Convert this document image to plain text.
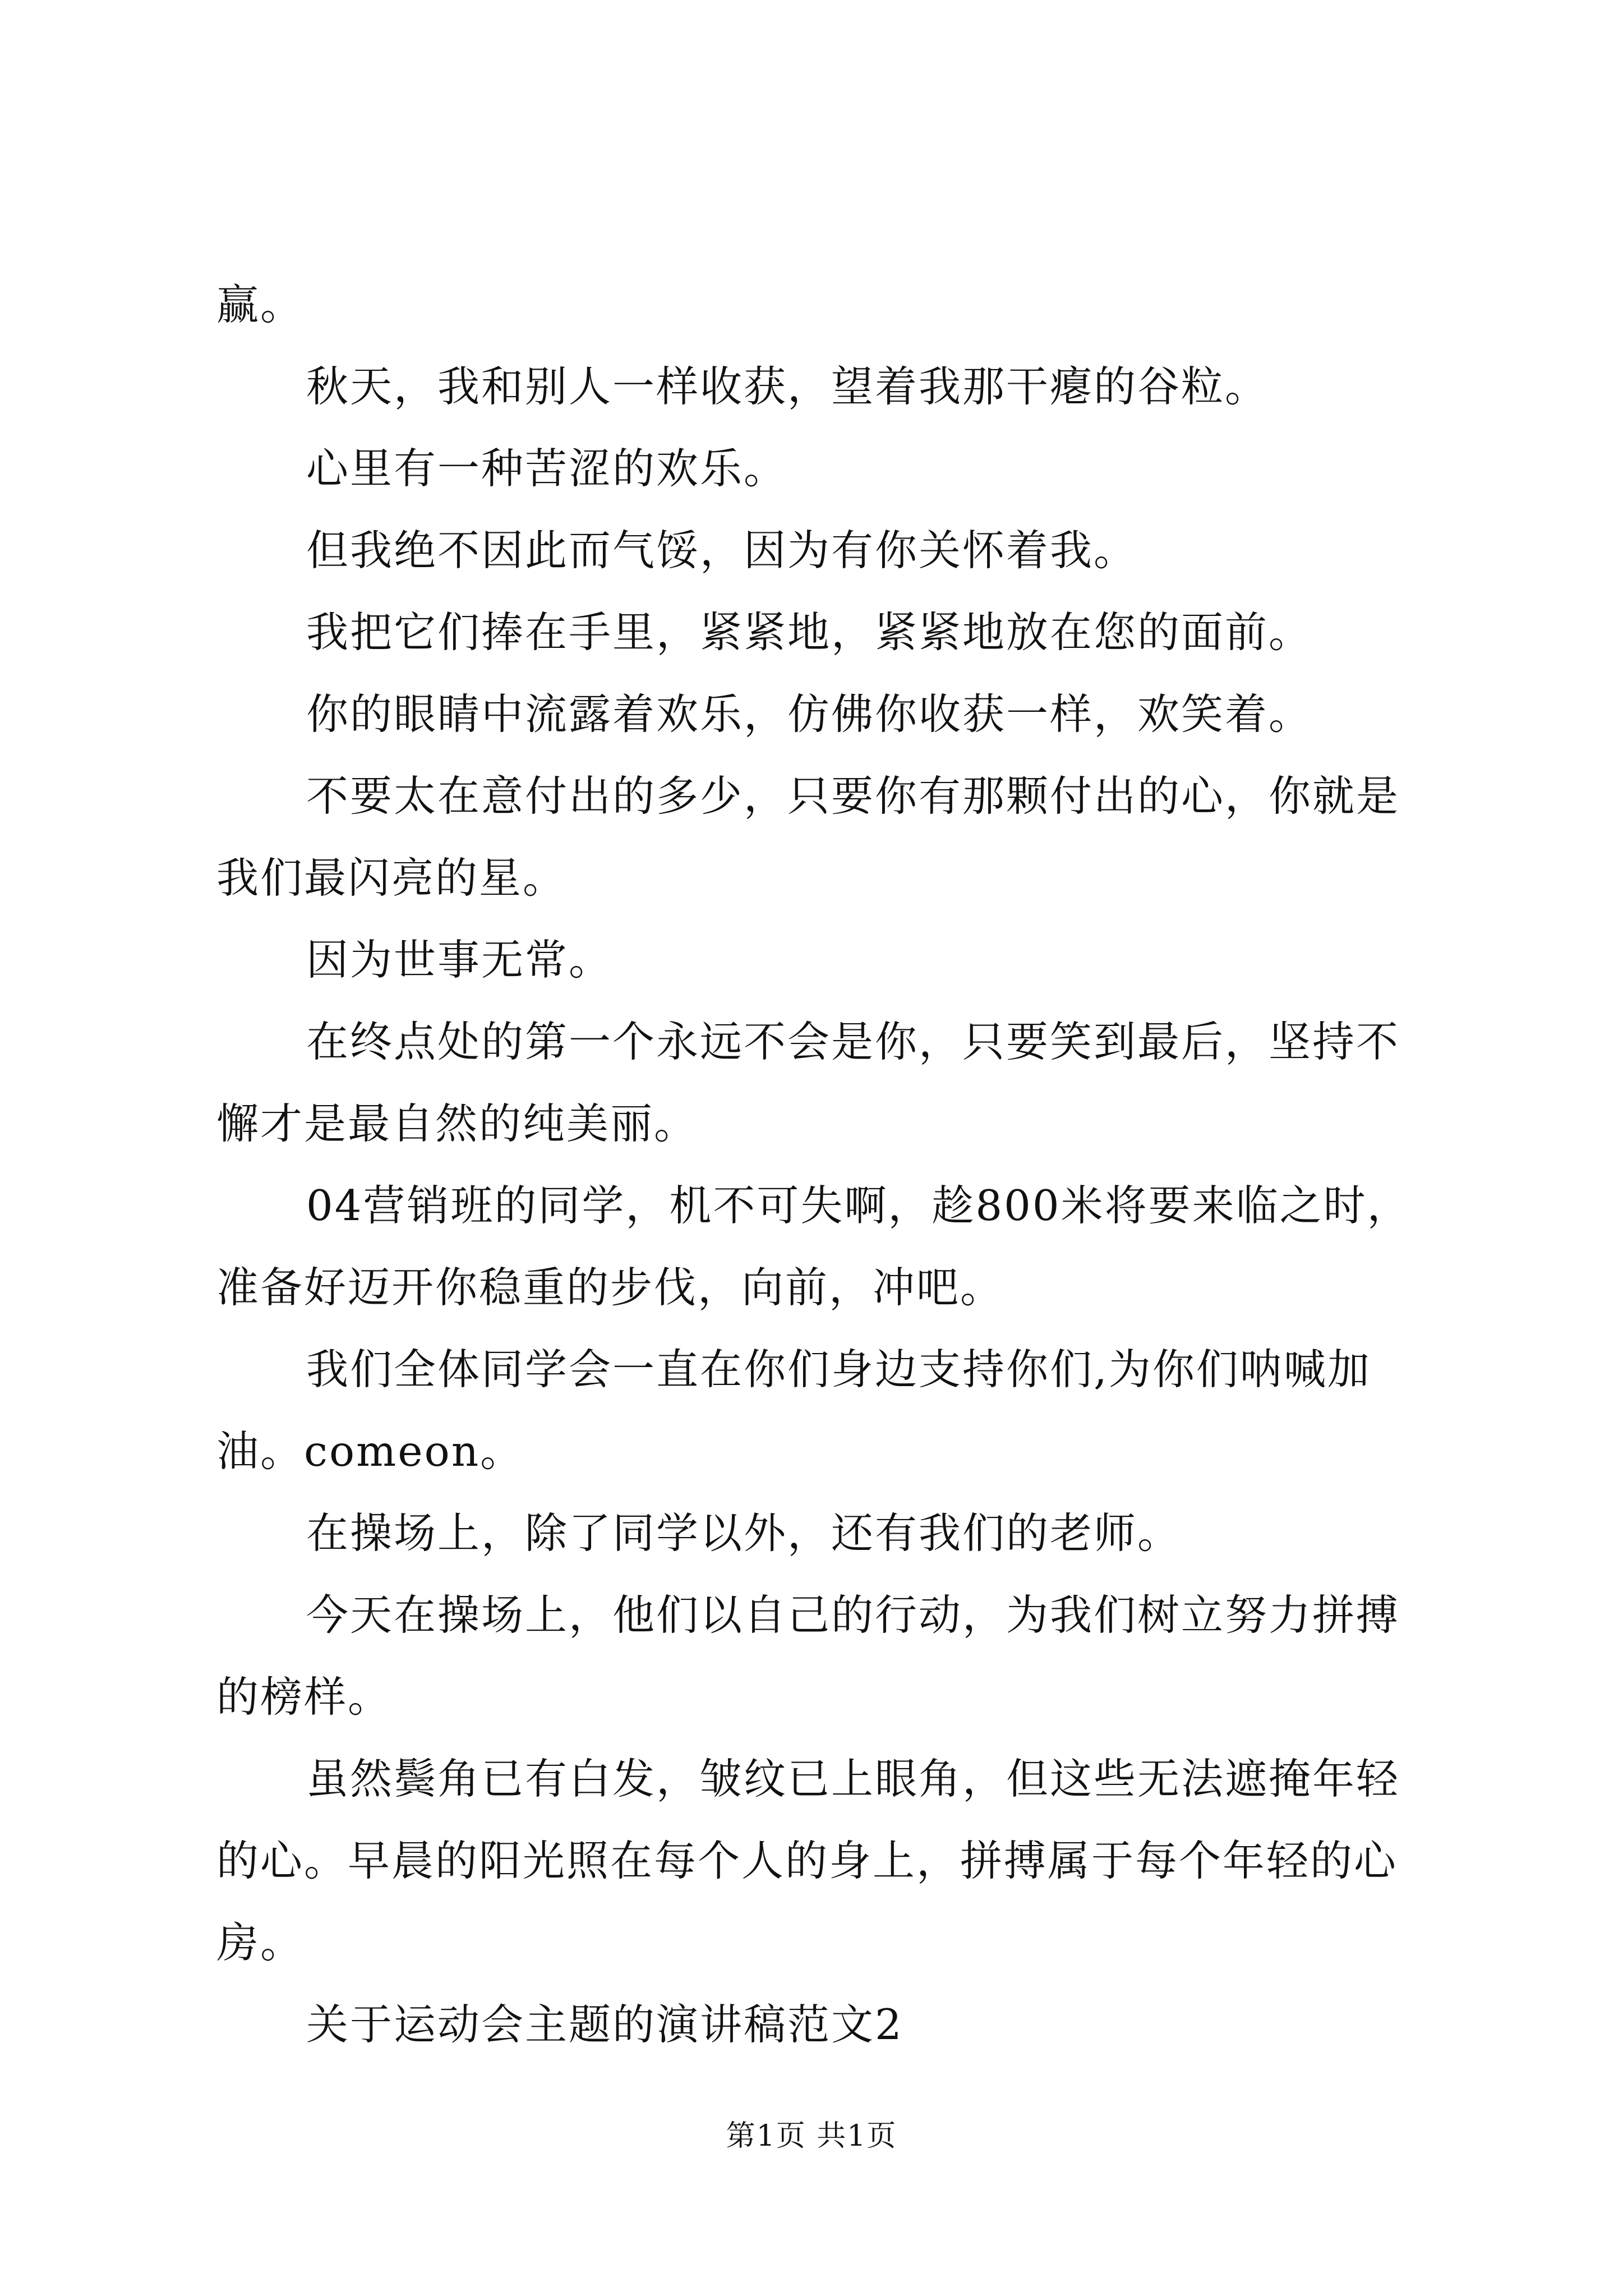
赢。

秋天，我和别人一样收获，望着我那干瘪的谷粒。

心里有一种苦涩的欢乐。

但我绝不因此而气馁，因为有你关怀着我。

我把它们捧在手里，紧紧地，紧紧地放在您的面前。

你的眼睛中流露着欢乐，仿佛你收获一样，欢笑着。

不要太在意付出的多少，只要你有那颗付出的心，你就是我们最闪亮的星。

因为世事无常。

在终点处的第一个永远不会是你，只要笑到最后，坚持不懈才是最自然的纯美丽。

04营销班的同学，机不可失啊，趁800米将要来临之时，准备好迈开你稳重的步伐，向前，冲吧。

我们全体同学会一直在你们身边支持你们,为你们呐喊加油。comeon。

在操场上，除了同学以外，还有我们的老师。

今天在操场上，他们以自己的行动，为我们树立努力拼搏的榜样。

虽然鬓角已有白发，皱纹已上眼角，但这些无法遮掩年轻的心。早晨的阳光照在每个人的身上，拼搏属于每个年轻的心房。

关于运动会主题的演讲稿范文2

第1页 共1页
